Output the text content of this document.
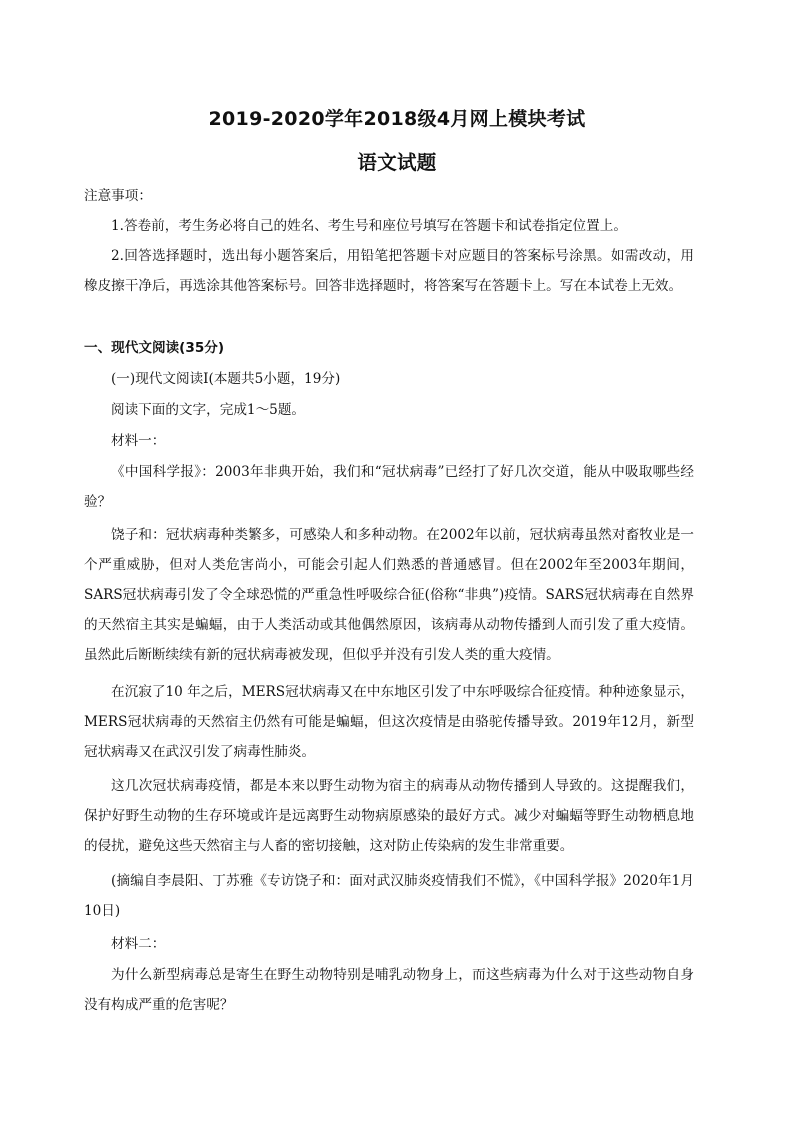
2019-2020学年2018级4月网上模块考试
语文试题
注意事项：
1.答卷前，考生务必将自己的姓名、考生号和座位号填写在答题卡和试卷指定位置上。
2.回答选择题时，选出每小题答案后，用铅笔把答题卡对应题目的答案标号涂黑。如需改动，用橡皮擦干净后，再选涂其他答案标号。回答非选择题时，将答案写在答题卡上。写在本试卷上无效。
一、现代文阅读(35分)
(一)现代文阅读Ⅰ(本题共5小题，19分)
阅读下面的文字，完成1～5题。
材料一：
《中国科学报》：2003年非典开始，我们和“冠状病毒”已经打了好几次交道，能从中吸取哪些经验？
饶子和：冠状病毒种类繁多，可感染人和多种动物。在2002年以前，冠状病毒虽然对畜牧业是一个严重威胁，但对人类危害尚小，可能会引起人们熟悉的普通感冒。但在2002年至2003年期间，SARS冠状病毒引发了令全球恐慌的严重急性呼吸综合征(俗称“非典”)疫情。SARS冠状病毒在自然界的天然宿主其实是蝙蝠，由于人类活动或其他偶然原因，该病毒从动物传播到人而引发了重大疫情。虽然此后断断续续有新的冠状病毒被发现，但似乎并没有引发人类的重大疫情。
在沉寂了10 年之后，MERS冠状病毒又在中东地区引发了中东呼吸综合征疫情。种种迹象显示，MERS冠状病毒的天然宿主仍然有可能是蝙蝠，但这次疫情是由骆驼传播导致。2019年12月，新型冠状病毒又在武汉引发了病毒性肺炎。
这几次冠状病毒疫情，都是本来以野生动物为宿主的病毒从动物传播到人导致的。这提醒我们，保护好野生动物的生存环境或许是远离野生动物病原感染的最好方式。减少对蝙蝠等野生动物栖息地的侵扰，避免这些天然宿主与人畜的密切接触，这对防止传染病的发生非常重要。
(摘编自李晨阳、丁苏雅《专访饶子和：面对武汉肺炎疫情我们不慌》，《中国科学报》2020年1月10日)
材料二：
为什么新型病毒总是寄生在野生动物特别是哺乳动物身上，而这些病毒为什么对于这些动物自身没有构成严重的危害呢？
